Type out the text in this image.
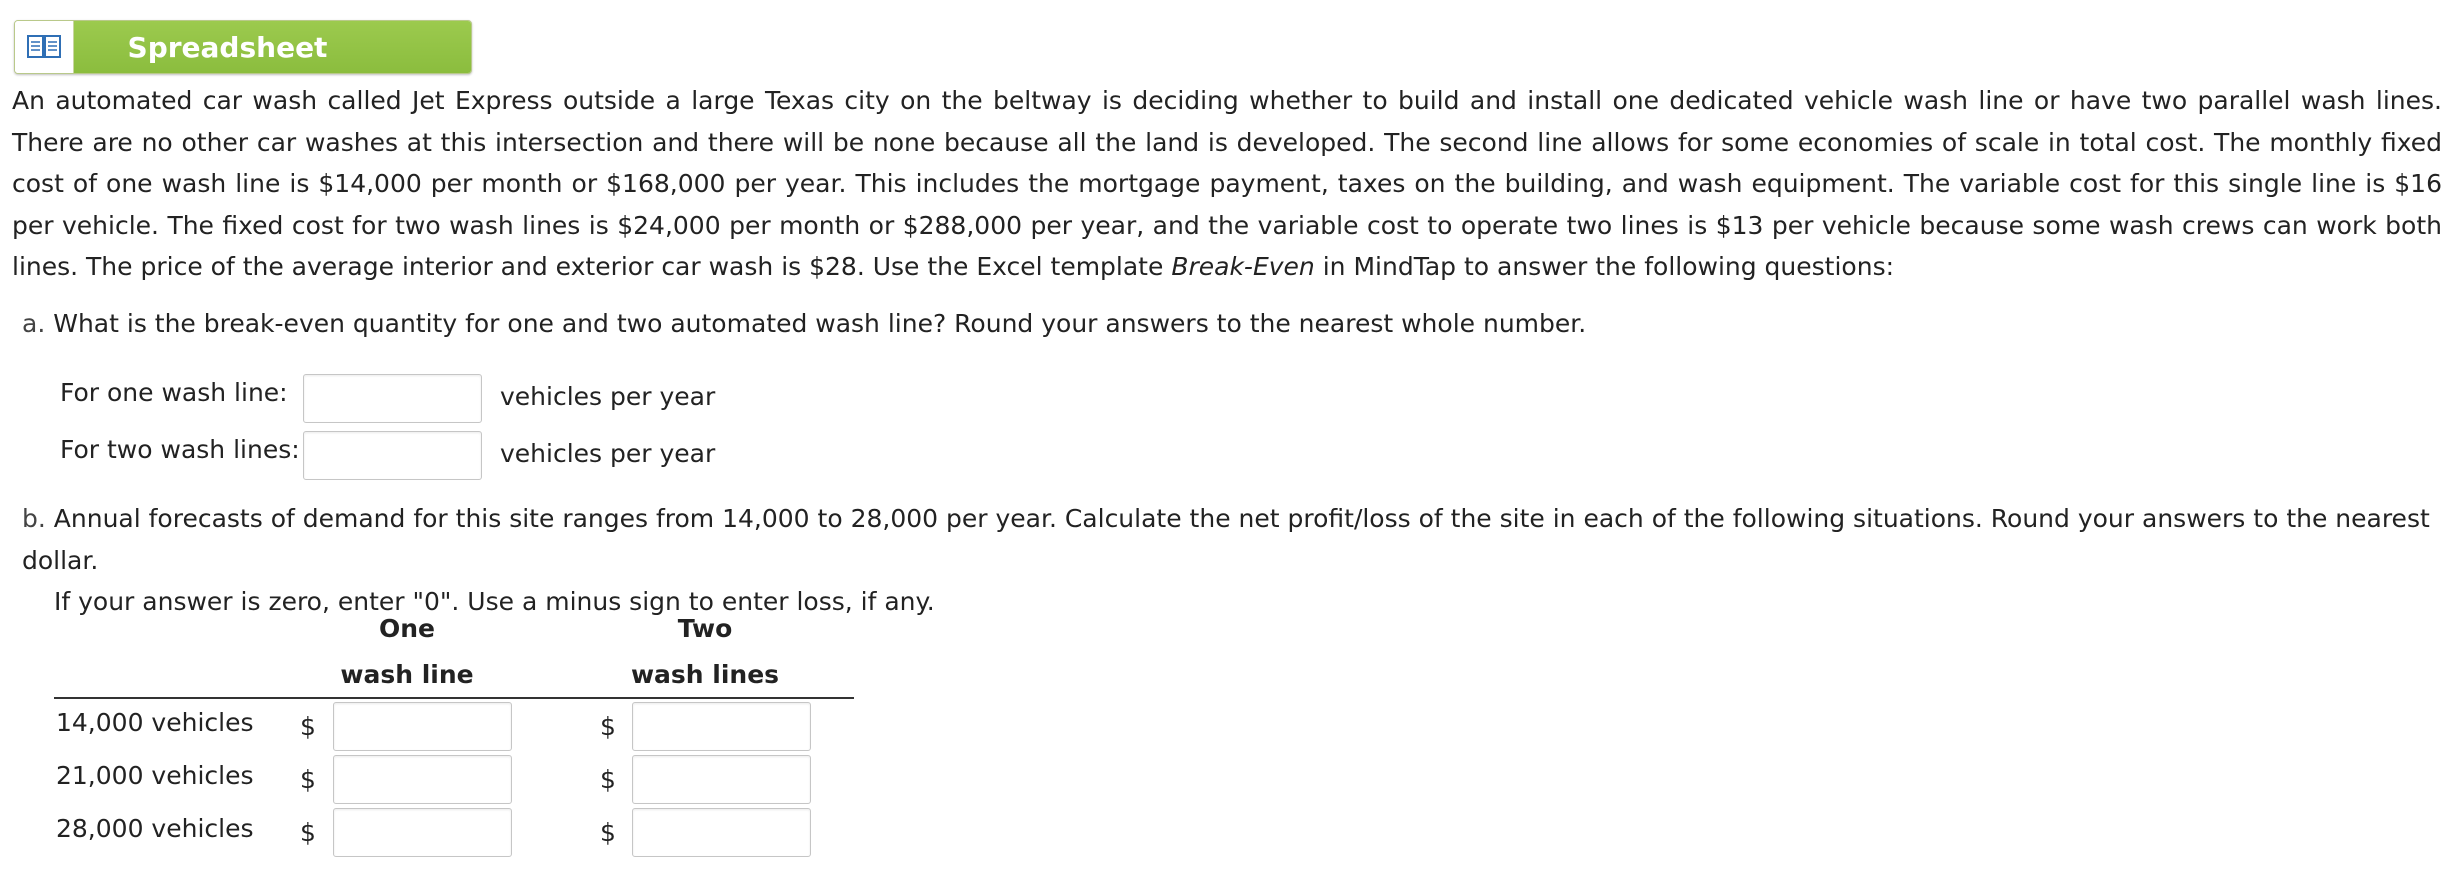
Spreadsheet

An automated car wash called Jet Express outside a large Texas city on the beltway is deciding whether to build and install one dedicated vehicle wash line or have two parallel wash lines. There are no other car washes at this intersection and there will be none because all the land is developed. The second line allows for some economies of scale in total cost. The monthly fixed cost of one wash line is $14,000 per month or $168,000 per year. This includes the mortgage payment, taxes on the building, and wash equipment. The variable cost for this single line is $16 per vehicle. The fixed cost for two wash lines is $24,000 per month or $288,000 per year, and the variable cost to operate two lines is $13 per vehicle because some wash crews can work both lines. The price of the average interior and exterior car wash is $28. Use the Excel template Break-Even in MindTap to answer the following questions:

a. What is the break-even quantity for one and two automated wash line? Round your answers to the nearest whole number.

For one wash line:	vehicles per year
For two wash lines:	vehicles per year

b. Annual forecasts of demand for this site ranges from 14,000 to 28,000 per year. Calculate the net profit/loss of the site in each of the following situations. Round your answers to the nearest dollar.
If your answer is zero, enter "0". Use a minus sign to enter loss, if any.

One
wash line
Two
wash lines
14,000 vehicles $	$
21,000 vehicles $	$
28,000 vehicles $	$
